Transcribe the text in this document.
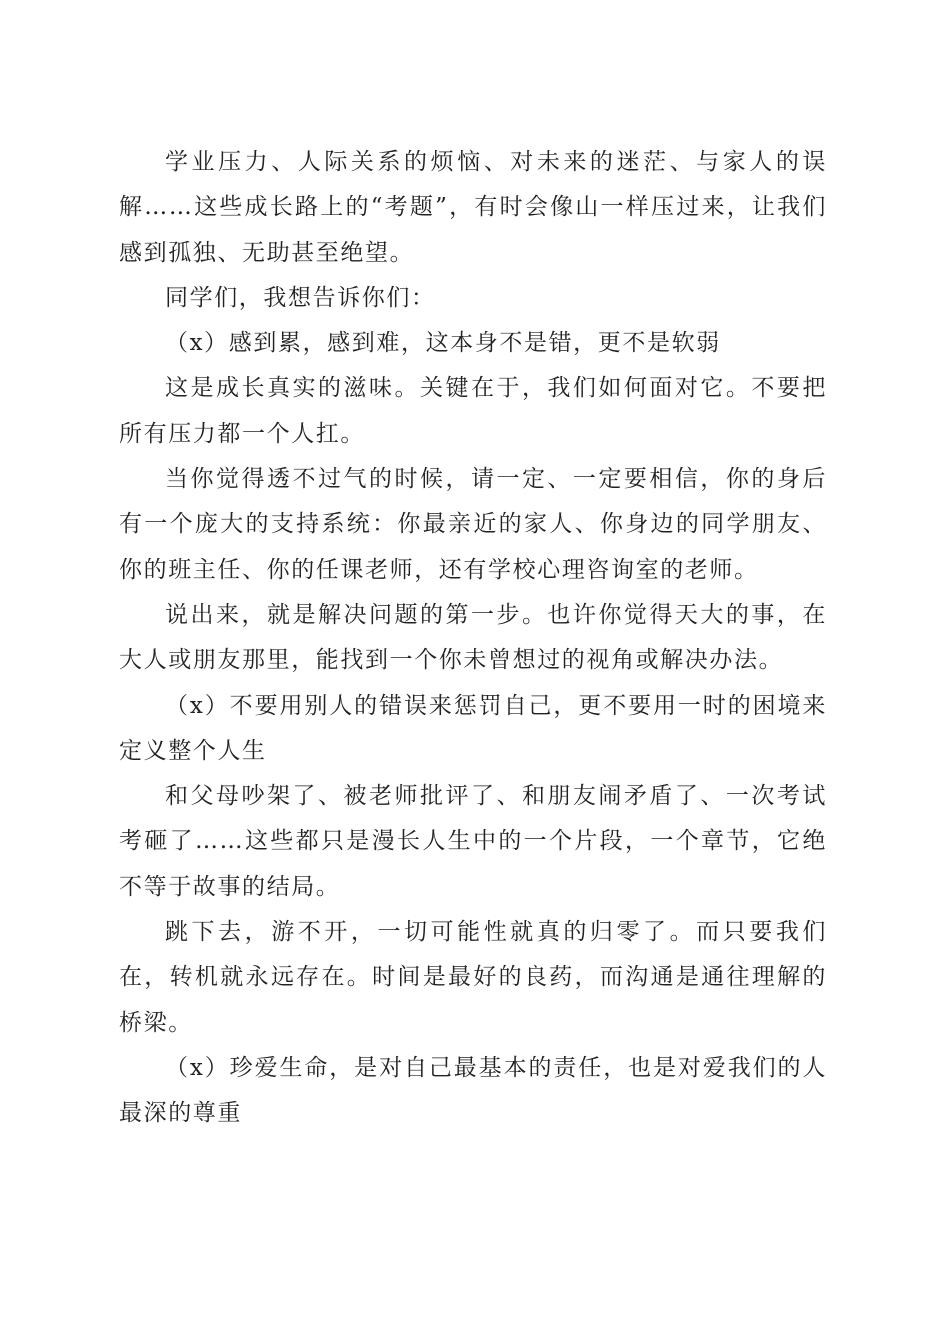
学业压力、人际关系的烦恼、对未来的迷茫、与家人的误解……这些成长路上的“考题”，有时会像山一样压过来，让我们感到孤独、无助甚至绝望。

同学们，我想告诉你们：

（x）感到累，感到难，这本身不是错，更不是软弱

这是成长真实的滋味。关键在于，我们如何面对它。不要把所有压力都一个人扛。

当你觉得透不过气的时候，请一定、一定要相信，你的身后有一个庞大的支持系统：你最亲近的家人、你身边的同学朋友、你的班主任、你的任课老师，还有学校心理咨询室的老师。

说出来，就是解决问题的第一步。也许你觉得天大的事，在大人或朋友那里，能找到一个你未曾想过的视角或解决办法。

（x）不要用别人的错误来惩罚自己，更不要用一时的困境来定义整个人生

和父母吵架了、被老师批评了、和朋友闹矛盾了、一次考试考砸了……这些都只是漫长人生中的一个片段，一个章节，它绝不等于故事的结局。

跳下去，游不开，一切可能性就真的归零了。而只要我们在，转机就永远存在。时间是最好的良药，而沟通是通往理解的桥梁。

（x）珍爱生命，是对自己最基本的责任，也是对爱我们的人最深的尊重
